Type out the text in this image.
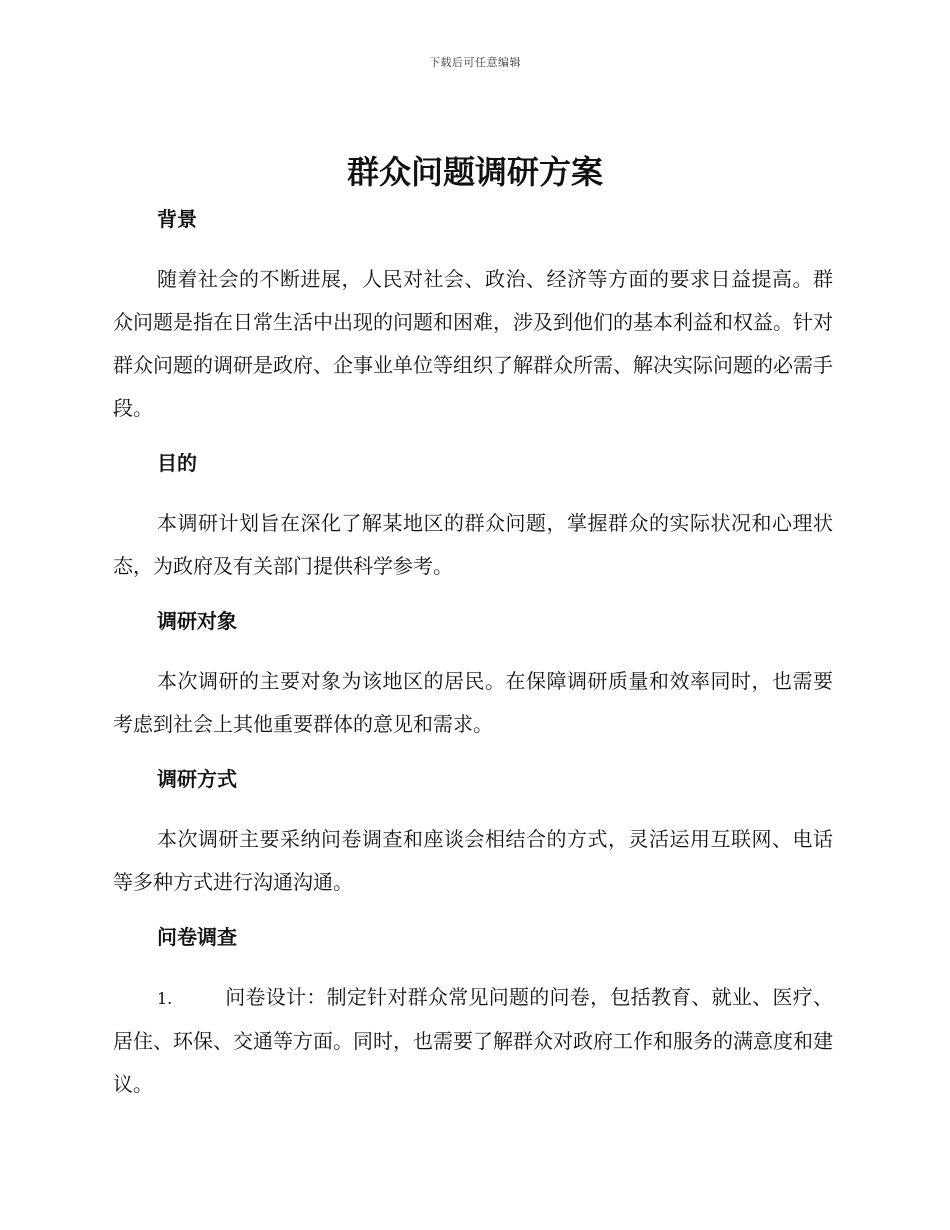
下载后可任意编辑
群众问题调研方案
背景

随着社会的不断进展，人民对社会、政治、经济等方面的要求日益提高。群众问题是指在日常生活中出现的问题和困难，涉及到他们的基本利益和权益。针对群众问题的调研是政府、企事业单位等组织了解群众所需、解决实际问题的必需手段。

目的

本调研计划旨在深化了解某地区的群众问题，掌握群众的实际状况和心理状态，为政府及有关部门提供科学参考。

调研对象

本次调研的主要对象为该地区的居民。在保障调研质量和效率同时，也需要考虑到社会上其他重要群体的意见和需求。

调研方式

本次调研主要采纳问卷调查和座谈会相结合的方式，灵活运用互联网、电话等多种方式进行沟通沟通。

问卷调查

1.	问卷设计：制定针对群众常见问题的问卷，包括教育、就业、医疗、居住、环保、交通等方面。同时，也需要了解群众对政府工作和服务的满意度和建议。
